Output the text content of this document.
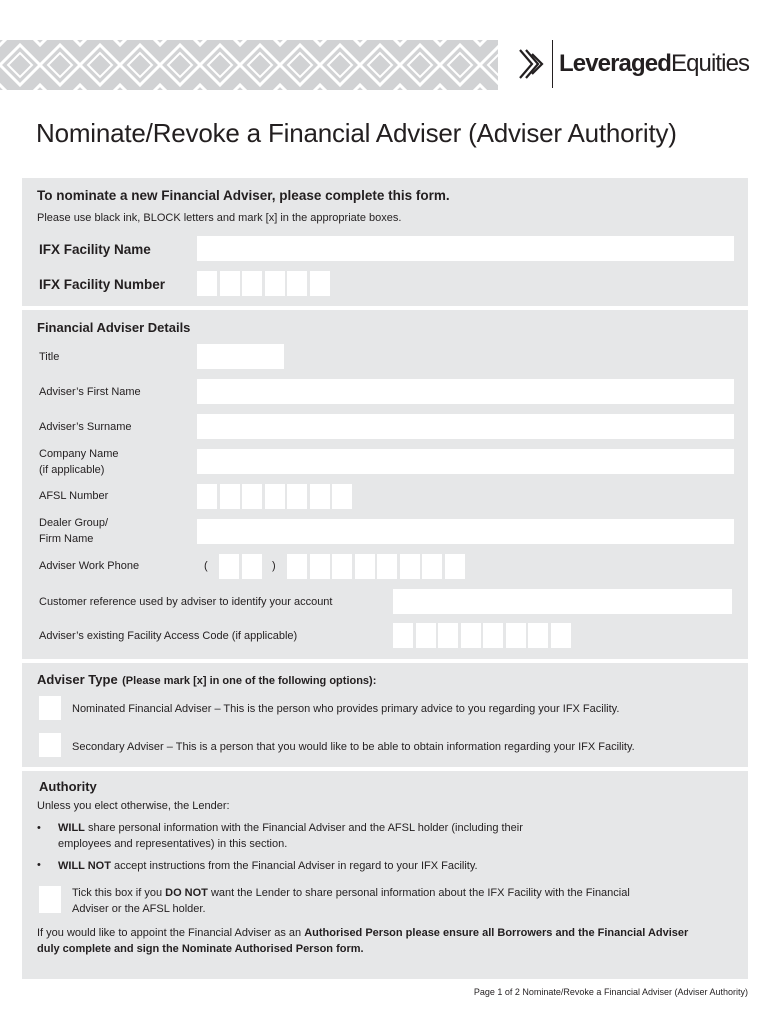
LeveragedEquities
Nominate/Revoke a Financial Adviser (Adviser Authority)
To nominate a new Financial Adviser, please complete this form.
Please use black ink, BLOCK letters and mark [x] in the appropriate boxes.
IFX Facility Name
IFX Facility Number
Financial Adviser Details
Title
Adviser’s First Name
Adviser’s Surname
Company Name
(if applicable)
AFSL Number
Dealer Group/
Firm Name
Adviser Work Phone	(	)
Customer reference used by adviser to identify your account
Adviser’s existing Facility Access Code (if applicable)
Adviser Type (Please mark [x] in one of the following options):
Nominated Financial Adviser – This is the person who provides primary advice to you regarding your IFX Facility.
Secondary Adviser – This is a person that you would like to be able to obtain information regarding your IFX Facility.
Authority
Unless you elect otherwise, the Lender:
• WILL share personal information with the Financial Adviser and the AFSL holder (including their
employees and representatives) in this section.
• WILL NOT accept instructions from the Financial Adviser in regard to your IFX Facility.
Tick this box if you DO NOT want the Lender to share personal information about the IFX Facility with the Financial
Adviser or the AFSL holder.
If you would like to appoint the Financial Adviser as an Authorised Person please ensure all Borrowers and the Financial Adviser
duly complete and sign the Nominate Authorised Person form.
Page 1 of 2 Nominate/Revoke a Financial Adviser (Adviser Authority)
